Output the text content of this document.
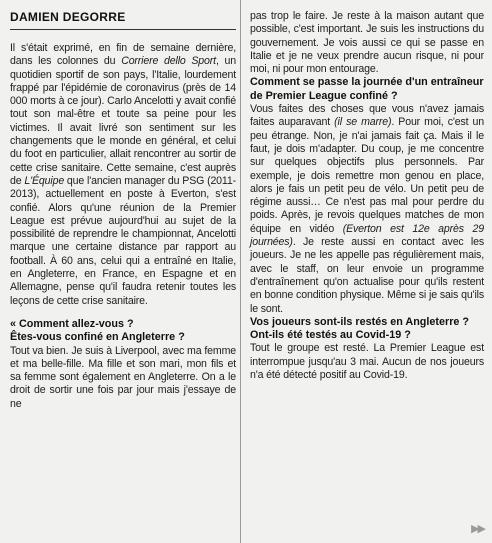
DAMIEN DEGORRE

Il s'était exprimé, en fin de semaine dernière, dans les colonnes du Corriere dello Sport, un quotidien sportif de son pays, l'Italie, lourdement frappé par l'épidémie de coronavirus (près de 14 000 morts à ce jour). Carlo Ancelotti y avait confié tout son mal-être et toute sa peine pour les victimes. Il avait livré son sentiment sur les changements que le monde en général, et celui du foot en particulier, allait rencontrer au sortir de cette crise sanitaire. Cette semaine, c'est auprès de L'Équipe que l'ancien manager du PSG (2011-2013), actuellement en poste à Everton, s'est confié. Alors qu'une réunion de la Premier League est prévue aujourd'hui au sujet de la possibilité de reprendre le championnat, Ancelotti marque une certaine distance par rapport au football. À 60 ans, celui qui a entraîné en Italie, en Angleterre, en France, en Espagne et en Allemagne, pense qu'il faudra retenir toutes les leçons de cette crise sanitaire.

« Comment allez-vous ?
Êtes-vous confiné en Angleterre ?

Tout va bien. Je suis à Liverpool, avec ma femme et ma belle-fille. Ma fille et son mari, mon fils et sa femme sont également en Angleterre. On a le droit de sortir une fois par jour mais j'essaye de ne

pas trop le faire. Je reste à la maison autant que possible, c'est important. Je suis les instructions du gouvernement. Je vois aussi ce qui se passe en Italie et je ne veux prendre aucun risque, ni pour moi, ni pour mon entourage.

Comment se passe la journée d'un entraîneur de Premier League confiné ?

Vous faites des choses que vous n'avez jamais faites auparavant (il se marre). Pour moi, c'est un peu étrange. Non, je n'ai jamais fait ça. Mais il le faut, je dois m'adapter. Du coup, je me concentre sur quelques objectifs plus personnels. Par exemple, je dois remettre mon genou en place, alors je fais un petit peu de vélo. Un petit peu de régime aussi… Ce n'est pas mal pour perdre du poids. Après, je revois quelques matches de mon équipe en vidéo (Everton est 12e après 29 journées). Je reste aussi en contact avec les joueurs. Je ne les appelle pas régulièrement mais, avec le staff, on leur envoie un programme d'entraînement qu'on actualise pour qu'ils restent en bonne condition physique. Même si je sais qu'ils le sont.

Vos joueurs sont-ils restés en Angleterre ? Ont-ils été testés au Covid-19 ?

Tout le groupe est resté. La Premier League est interrompue jusqu'au 3 mai. Aucun de nos joueurs n'a été détecté positif au Covid-19.

▶▶
